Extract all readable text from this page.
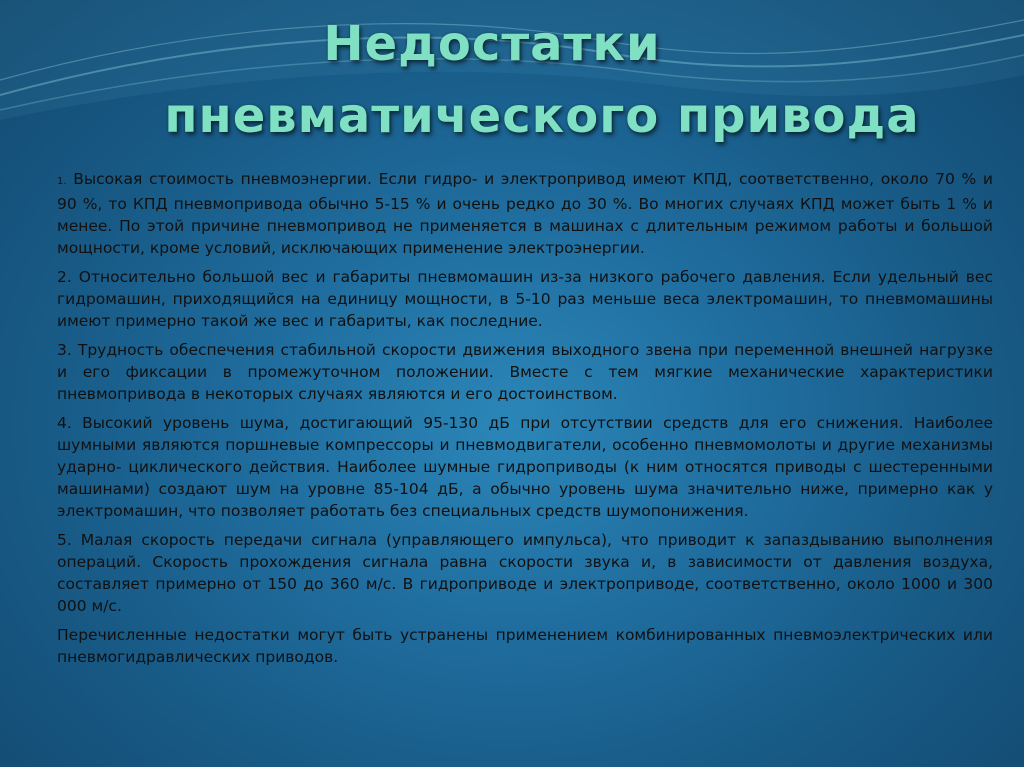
Недостатки
пневматического привода

1. Высокая стоимость пневмоэнергии. Если гидро- и электропривод имеют КПД, соответственно, около 70 % и 90 %, то КПД пневмопривода обычно 5-15 % и очень редко до 30 %. Во многих случаях КПД может быть 1 % и менее. По этой причине пневмопривод не применяется в машинах с длительным режимом работы и большой мощности, кроме условий, исключающих применение электроэнергии.

2. Относительно большой вес и габариты пневмомашин из-за низкого рабочего давления. Если удельный вес гидромашин, приходящийся на единицу мощности, в 5-10 раз меньше веса электромашин, то пневмомашины имеют примерно такой же вес и габариты, как последние.

3. Трудность обеспечения стабильной скорости движения выходного звена при переменной внешней нагрузке и его фиксации в промежуточном положении. Вместе с тем мягкие механические характеристики пневмопривода в некоторых случаях являются и его достоинством.

4. Высокий уровень шума, достигающий 95-130 дБ при отсутствии средств для его снижения. Наиболее шумными являются поршневые компрессоры и пневмодвигатели, особенно пневмомолоты и другие механизмы ударно- циклического действия. Наиболее шумные гидроприводы (к ним относятся приводы с шестеренными машинами) создают шум на уровне 85-104 дБ, а обычно уровень шума значительно ниже, примерно как у электромашин, что позволяет работать без специальных средств шумопонижения.

5. Малая скорость передачи сигнала (управляющего импульса), что приводит к запаздыванию выполнения операций. Скорость прохождения сигнала равна скорости звука и, в зависимости от давления воздуха, составляет примерно от 150 до 360 м/с. В гидроприводе и электроприводе, соответственно, около 1000 и 300 000 м/с.

Перечисленные недостатки могут быть устранены применением комбинированных пневмоэлектрических или пневмогидравлических приводов.
